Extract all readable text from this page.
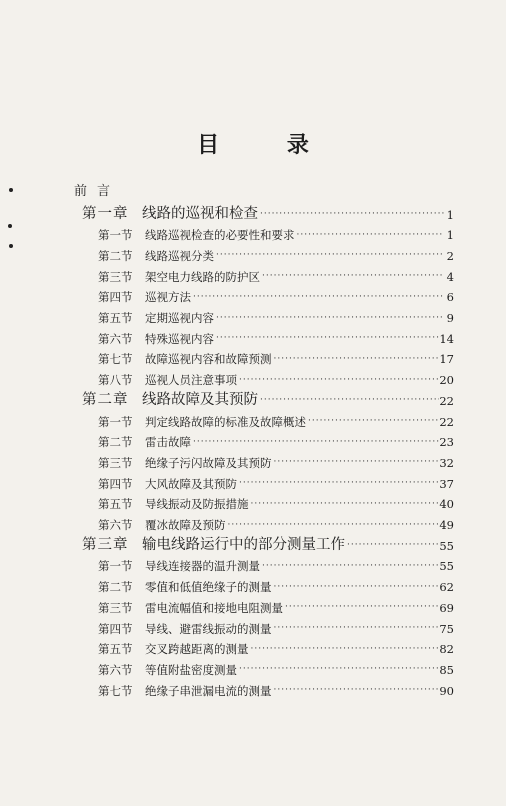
目 录
前言
第一章 线路的巡视和检查 ·····	1
第一节	线路巡视检查的必要性和要求 ·····	1
第二节	线路巡视分类 ·····	2
第三节	架空电力线路的防护区 ·····	4
第四节	巡视方法 ·····	6
第五节	定期巡视内容 ·····	9
第六节	特殊巡视内容 ·····	14
第七节	故障巡视内容和故障预测 ·····	17
第八节	巡视人员注意事项 ·····	20
第二章 线路故障及其预防 ·····	22
第一节	判定线路故障的标准及故障概述 ·····	22
第二节	雷击故障 ·····	23
第三节	绝缘子污闪故障及其预防 ·····	32
第四节	大风故障及其预防 ·····	37
第五节	导线振动及防振措施 ·····	40
第六节	覆冰故障及预防 ·····	49
第三章 输电线路运行中的部分测量工作 ·····	55
第一节	导线连接器的温升测量 ·····	55
第二节	零值和低值绝缘子的测量 ·····	62
第三节	雷电流幅值和接地电阻测量 ·····	69
第四节	导线、避雷线振动的测量 ·····	75
第五节	交叉跨越距离的测量 ·····	82
第六节	等值附盐密度测量 ·····	85
第七节	绝缘子串泄漏电流的测量 ·····	90
